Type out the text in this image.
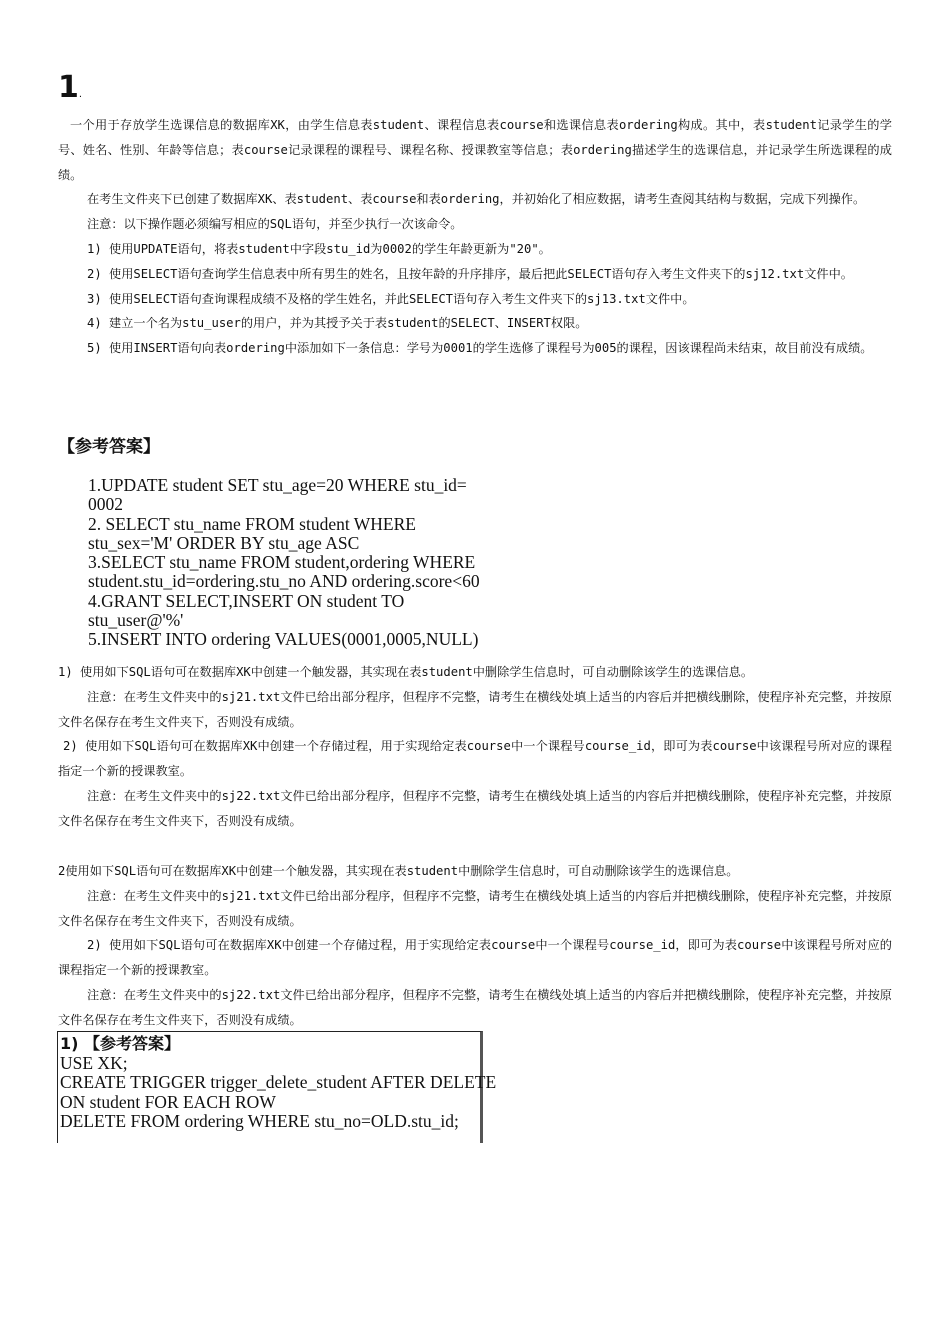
1.

一个用于存放学生选课信息的数据库XK，由学生信息表student、课程信息表course和选课信息表ordering构成。其中，表student记录学生的学号、姓名、性别、年龄等信息；表course记录课程的课程号、课程名称、授课教室等信息；表ordering描述学生的选课信息，并记录学生所选课程的成绩。

在考生文件夹下已创建了数据库XK、表student、表course和表ordering，并初始化了相应数据，请考生查阅其结构与数据，完成下列操作。

注意：以下操作题必须编写相应的SQL语句，并至少执行一次该命令。

1) 使用UPDATE语句，将表student中字段stu_id为0002的学生年龄更新为"20"。

2) 使用SELECT语句查询学生信息表中所有男生的姓名，且按年龄的升序排序，最后把此SELECT语句存入考生文件夹下的sj12.txt文件中。

3) 使用SELECT语句查询课程成绩不及格的学生姓名，并此SELECT语句存入考生文件夹下的sj13.txt文件中。

4) 建立一个名为stu_user的用户，并为其授予关于表student的SELECT、INSERT权限。

5) 使用INSERT语句向表ordering中添加如下一条信息：学号为0001的学生选修了课程号为005的课程，因该课程尚未结束，故目前没有成绩。

【参考答案】
1.UPDATE student SET stu_age=20 WHERE stu_id=
0002
2. SELECT stu_name FROM student WHERE
stu_sex='M' ORDER BY stu_age ASC
3.SELECT stu_name FROM student,ordering WHERE
student.stu_id=ordering.stu_no AND ordering.score<60
4.GRANT SELECT,INSERT ON student TO
stu_user@'%'
5.INSERT INTO ordering VALUES(0001,0005,NULL)

1) 使用如下SQL语句可在数据库XK中创建一个触发器，其实现在表student中删除学生信息时，可自动删除该学生的选课信息。

注意：在考生文件夹中的sj21.txt文件已给出部分程序，但程序不完整，请考生在横线处填上适当的内容后并把横线删除，使程序补充完整，并按原文件名保存在考生文件夹下，否则没有成绩。

2) 使用如下SQL语句可在数据库XK中创建一个存储过程，用于实现给定表course中一个课程号course_id，即可为表course中该课程号所对应的课程指定一个新的授课教室。

注意：在考生文件夹中的sj22.txt文件已给出部分程序，但程序不完整，请考生在横线处填上适当的内容后并把横线删除，使程序补充完整，并按原文件名保存在考生文件夹下，否则没有成绩。

2使用如下SQL语句可在数据库XK中创建一个触发器，其实现在表student中删除学生信息时，可自动删除该学生的选课信息。

注意：在考生文件夹中的sj21.txt文件已给出部分程序，但程序不完整，请考生在横线处填上适当的内容后并把横线删除，使程序补充完整，并按原文件名保存在考生文件夹下，否则没有成绩。

2) 使用如下SQL语句可在数据库XK中创建一个存储过程，用于实现给定表course中一个课程号course_id，即可为表course中该课程号所对应的课程指定一个新的授课教室。

注意：在考生文件夹中的sj22.txt文件已给出部分程序，但程序不完整，请考生在横线处填上适当的内容后并把横线删除，使程序补充完整，并按原文件名保存在考生文件夹下，否则没有成绩。

1) 【参考答案】
USE XK;
CREATE TRIGGER trigger_delete_student AFTER DELETE
ON student FOR EACH ROW
DELETE FROM ordering WHERE stu_no=OLD.stu_id;
